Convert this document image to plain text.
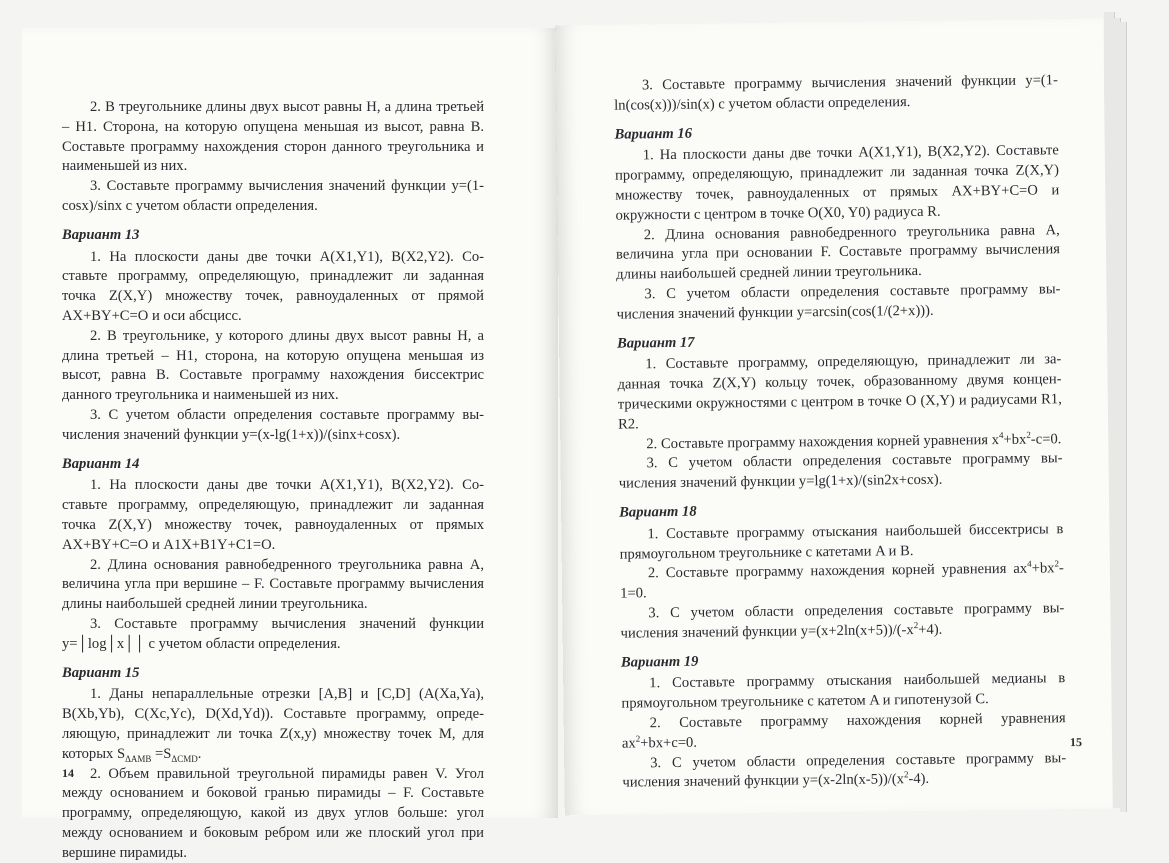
2. В треугольнике длины двух высот равны H, а длина третьей – H1. Сторона, на которую опущена меньшая из высот, равна B. Составьте программу нахождения сторон данного треугольника и наименьшей из них.

3. Составьте программу вычисления значений функции y=(1-cosx)/sinx с учетом области определения.

Вариант 13

1. На плоскости даны две точки A(X1,Y1), B(X2,Y2). Составьте программу, определяющую, принадлежит ли заданная точка Z(X,Y) множеству точек, равноудаленных от прямой AX+BY+C=O и оси абсцисс.

2. В треугольнике, у которого длины двух высот равны H, а длина третьей – H1, сторона, на которую опущена меньшая из высот, равна B. Составьте программу нахождения биссектрис данного треугольника и наименьшей из них.

3. С учетом области определения составьте программу вычисления значений функции y=(x-lg(1+x))/(sinx+cosx).

Вариант 14

1. На плоскости даны две точки A(X1,Y1), B(X2,Y2). Составьте программу, определяющую, принадлежит ли заданная точка Z(X,Y) множеству точек, равноудаленных от прямых AX+BY+C=O и A1X+B1Y+C1=O.

2. Длина основания равнобедренного треугольника равна A, величина угла при вершине – F. Составьте программу вычисления длины наибольшей средней линии треугольника.

3. Составьте программу вычисления значений функции y=│log│x││ с учетом области определения.

Вариант 15

1. Даны непараллельные отрезки [A,B] и [C,D] (A(Xa,Ya), B(Xb,Yb), C(Xc,Yc), D(Xd,Yd)). Составьте программу, определяющую, принадлежит ли точка Z(x,y) множеству точек M, для которых $S_{\Delta AMB} =S_{\Delta CMD}$.

2. Объем правильной треугольной пирамиды равен V. Угол между основанием и боковой гранью пирамиды – F. Составьте программу, определяющую, какой из двух углов больше: угол между основанием и боковым ребром или же плоский угол при вершине пирамиды.

14

3. Составьте программу вычисления значений функции y=(1-ln(cos(x)))/sin(x) с учетом области определения.

Вариант 16

1. На плоскости даны две точки A(X1,Y1), B(X2,Y2). Составьте программу, определяющую, принадлежит ли заданная точка Z(X,Y) множеству точек, равноудаленных от прямых AX+BY+C=O и окружности с центром в точке O(X0, Y0) радиуса R.

2. Длина основания равнобедренного треугольника равна A, величина угла при основании F. Составьте программу вычисления длины наибольшей средней линии треугольника.

3. С учетом области определения составьте программу вычисления значений функции y=arcsin(cos(1/(2+x))).

Вариант 17

1. Составьте программу, определяющую, принадлежит ли заданная точка Z(X,Y) кольцу точек, образованному двумя концентрическими окружностями с центром в точке O (X,Y) и радиусами R1, R2.

2. Составьте программу нахождения корней уравнения $x^4+bx^2-c=0$.

3. С учетом области определения составьте программу вычисления значений функции y=lg(1+x)/(sin2x+cosx).

Вариант 18

1. Составьте программу отыскания наибольшей биссектрисы в прямоугольном треугольнике с катетами A и B.

2. Составьте программу нахождения корней уравнения $ax^4+bx^2-1=0$.

3. С учетом области определения составьте программу вычисления значений функции $y=(x+2\ln(x+5))/(-x^2+4)$.

Вариант 19

1. Составьте программу отыскания наибольшей медианы в прямоугольном треугольнике с катетом A и гипотенузой C.

2. Составьте программу нахождения корней уравнения $ax^2+bx+c=0$.

3. С учетом области определения составьте программу вычисления значений функции $y=(x-2\ln(x-5))/(x^2-4)$.

15
